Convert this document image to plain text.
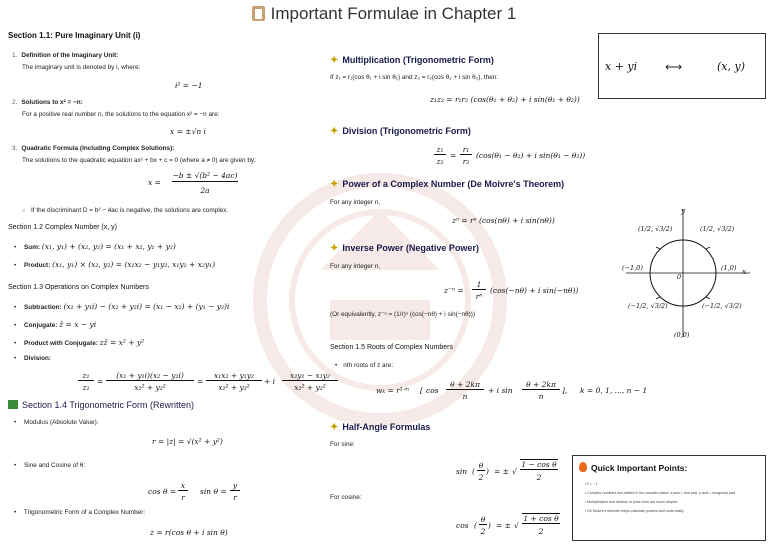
Important Formulae in Chapter 1
Section 1.1: Pure Imaginary Unit (i)
1. Definition of the Imaginary Unit:
The imaginary unit is denoted by i, where:
i² = −1
2. Solutions to x² = −n:
For a positive real number n, the solutions to the equation x² = −n are:
x = ±√n i
3. Quadratic Formula (Including Complex Solutions):
The solutions to the quadratic equation ax² + bx + c = 0 (where a ≠ 0) are given by:
x =
−b ± √(b² − 4ac)
2a
○ If the discriminant D = b² − 4ac is negative, the solutions are complex.
Section 1.2 Complex Number (x, y)
• Sum: (x₁, y₁) + (x₂, y₂) = (x₁ + x₂, y₁ + y₂)
• Product: (x₁, y₁) × (x₂, y₂) = (x₁x₂ − y₁y₂, x₁y₂ + x₂y₁)
Section 1.3 Operations on Complex Numbers
• Subtraction: (x₁ + y₁i) − (x₂ + y₂i) = (x₁ − x₂) + (y₁ − y₂)i
• Conjugate: z̄ = x − yi
• Product with Conjugate: zz̄ = x² + y²
• Division:
z₁
z₂
=
(x₁ + y₁i)(x₂ − y₂i)
x₂² + y₂²
=
x₁x₂ + y₁y₂
x₂² + y₂²
+ i
x₂y₁ − x₁y₂
x₂² + y₂²
Section 1.4 Trigonometric Form (Rewritten)
• Modulus (Absolute Value):
r = |z| = √(x² + y²)
• Sine and Cosine of θ:
cos θ =
x
r
sin θ =
y
r
• Trigonometric Form of a Complex Number:
z = r(cos θ + i sin θ)
✦ Multiplication (Trigonometric Form)
If z₁ = r₁(cos θ₁ + i sin θ₁) and z₂ = r₂(cos θ₂ + i sin θ₂), then:
z₁z₂ = r₁r₂ (cos(θ₁ + θ₂) + i sin(θ₁ + θ₂))
✦ Division (Trigonometric Form)
z₁
z₂
=
r₁
r₂
(cos(θ₁ − θ₂) + i sin(θ₁ − θ₂))
✦ Power of a Complex Number (De Moivre's Theorem)
For any integer n,
zⁿ = rⁿ (cos(nθ) + i sin(nθ))
✦ Inverse Power (Negative Power)
For any integer n,
z⁻ⁿ =
1
rⁿ
(cos(−nθ) + i sin(−nθ))
(Or equivalently, z⁻ⁿ = (1/r)ⁿ (cos(−nθ) + i sin(−nθ)))
Section 1.5 Roots of Complex Numbers
• nth roots of z are:
wₖ = r¹ᐟⁿ [ cos
θ + 2kπ
n
+ i sin
θ + 2kπ
n
], k = 0, 1, ..., n − 1
✦ Half-Angle Formulas
For sine:
sin (
θ
2
) = ± √
1 − cos θ
2
For cosine:
cos (
θ
2
) = ± √
1 + cos θ
2
x + yi ⟷	(x, y)
y
x
(1/2, √3/2)	(1/2, √3/2)
(−1,0)	(1,0)
0
(−1/2, √3/2)	(−1/2, √3/2)
(0,0)
Quick Important Points:
• i² = −1
• Complex numbers are plotted in the complex plane: x-axis = real part, y-axis = imaginary part.
• Multiplication and division in polar form are much simpler.
• De Moivre's theorem helps calculate powers and roots easily.
